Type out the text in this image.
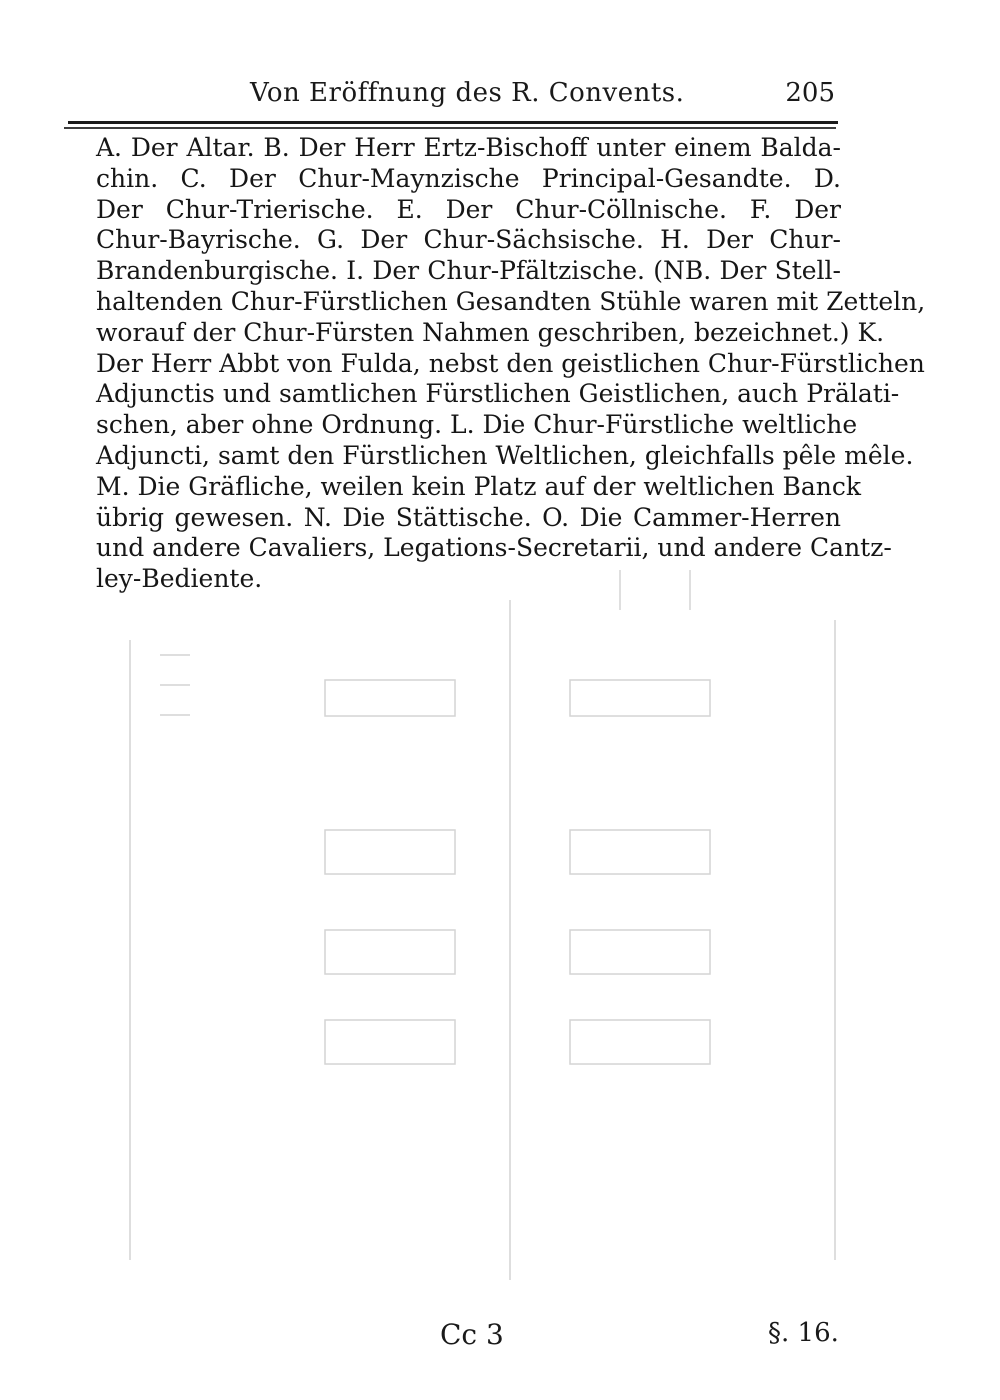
Von Eröffnung des R. Convents.	205
A. Der Altar. B. Der Herr Ertz-Bischoff unter einem Balda-
chin. C. Der Chur-Maynzische Principal-Gesandte. D.
Der Chur-Trierische. E. Der Chur-Cöllnische. F. Der
Chur-Bayrische. G. Der Chur-Sächsische. H. Der Chur-
Brandenburgische. I. Der Chur-Pfältzische. (NB. Der Stell-
haltenden Chur-Fürstlichen Gesandten Stühle waren mit Zetteln,
worauf der Chur-Fürsten Nahmen geschriben, bezeichnet.) K.
Der Herr Abbt von Fulda, nebst den geistlichen Chur-Fürstlichen
Adjunctis und samtlichen Fürstlichen Geistlichen, auch Prälati-
schen, aber ohne Ordnung. L. Die Chur-Fürstliche weltliche
Adjuncti, samt den Fürstlichen Weltlichen, gleichfalls pêle mêle.
M. Die Gräfliche, weilen kein Platz auf der weltlichen Banck
übrig gewesen. N. Die Stättische. O. Die Cammer-Herren
und andere Cavaliers, Legations-Secretarii, und andere Cantz-
ley-Bediente.
Cc 3	§. 16.
